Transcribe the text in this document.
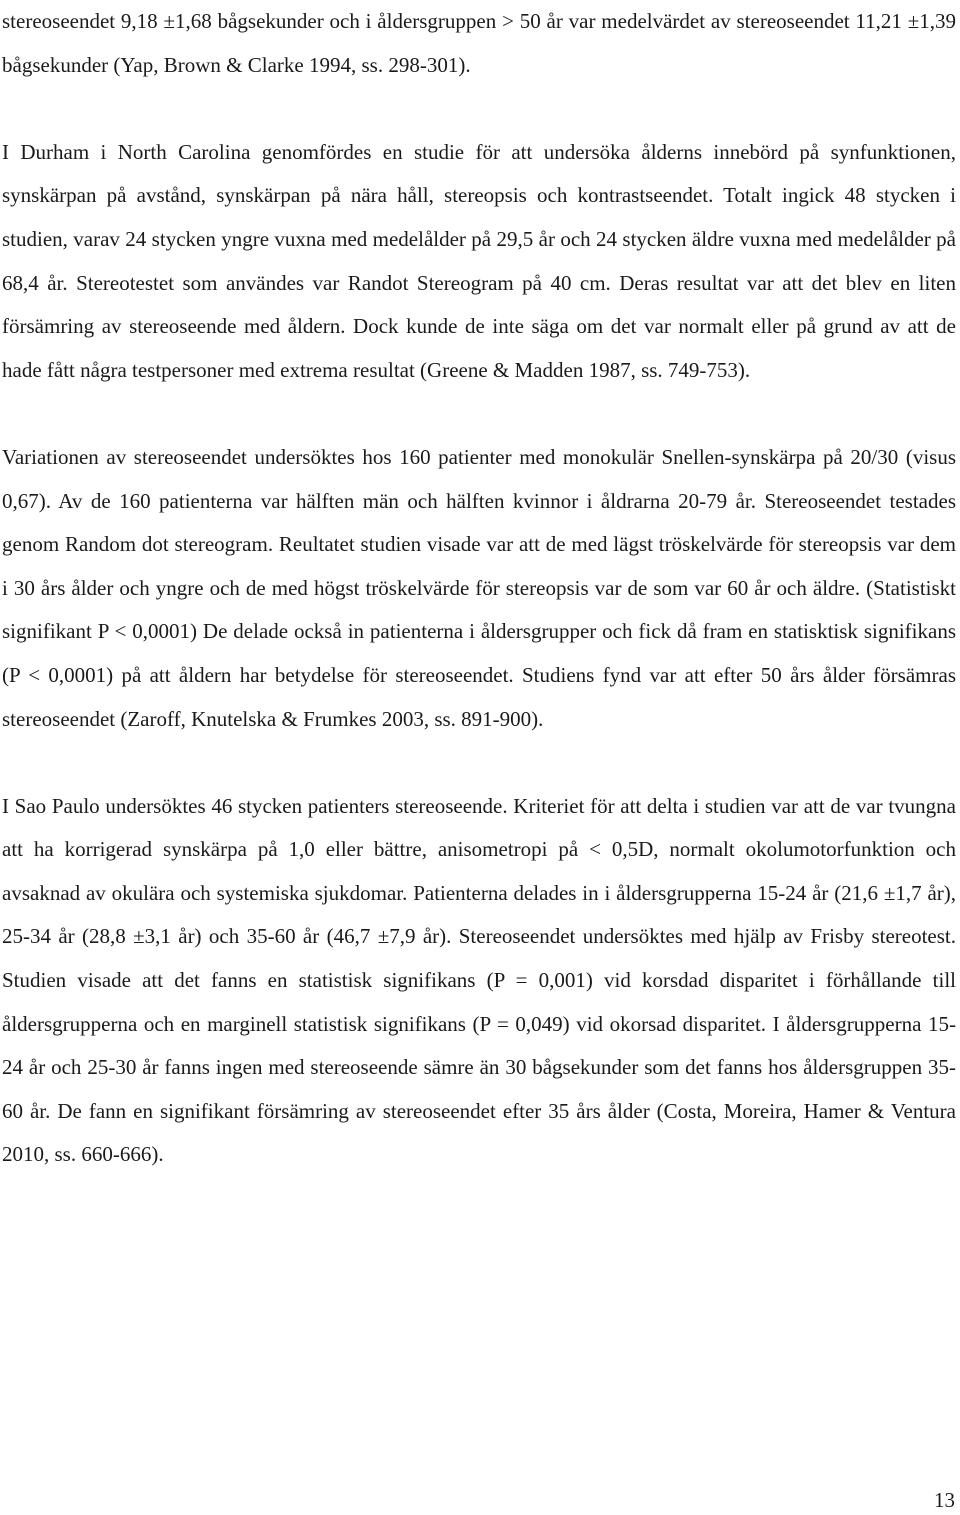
stereoseendet 9,18 ±1,68 bågsekunder och i åldersgruppen > 50 år var medelvärdet av stereoseendet 11,21 ±1,39 bågsekunder (Yap, Brown & Clarke 1994, ss. 298-301).

I Durham i North Carolina genomfördes en studie för att undersöka ålderns innebörd på synfunktionen, synskärpan på avstånd, synskärpan på nära håll, stereopsis och kontrastseendet. Totalt ingick 48 stycken i studien, varav 24 stycken yngre vuxna med medelålder på 29,5 år och 24 stycken äldre vuxna med medelålder på 68,4 år. Stereotestet som användes var Randot Stereogram på 40 cm. Deras resultat var att det blev en liten försämring av stereoseende med åldern. Dock kunde de inte säga om det var normalt eller på grund av att de hade fått några testpersoner med extrema resultat (Greene & Madden 1987, ss. 749-753).

Variationen av stereoseendet undersöktes hos 160 patienter med monokulär Snellen-synskärpa på 20/30 (visus 0,67). Av de 160 patienterna var hälften män och hälften kvinnor i åldrarna 20-79 år. Stereoseendet testades genom Random dot stereogram. Reultatet studien visade var att de med lägst tröskelvärde för stereopsis var dem i 30 års ålder och yngre och de med högst tröskelvärde för stereopsis var de som var 60 år och äldre. (Statistiskt signifikant P < 0,0001) De delade också in patienterna i åldersgrupper och fick då fram en statisktisk signifikans (P < 0,0001) på att åldern har betydelse för stereoseendet. Studiens fynd var att efter 50 års ålder försämras stereoseendet (Zaroff, Knutelska & Frumkes 2003, ss. 891-900).

I Sao Paulo undersöktes 46 stycken patienters stereoseende. Kriteriet för att delta i studien var att de var tvungna att ha korrigerad synskärpa på 1,0 eller bättre, anisometropi på < 0,5D, normalt okolumotorfunktion och avsaknad av okulära och systemiska sjukdomar. Patienterna delades in i åldersgrupperna 15-24 år (21,6 ±1,7 år), 25-34 år (28,8 ±3,1 år) och 35-60 år (46,7 ±7,9 år). Stereoseendet undersöktes med hjälp av Frisby stereotest. Studien visade att det fanns en statistisk signifikans (P = 0,001) vid korsdad disparitet i förhållande till åldersgrupperna och en marginell statistisk signifikans (P = 0,049) vid okorsad disparitet. I åldersgrupperna 15-24 år och 25-30 år fanns ingen med stereoseende sämre än 30 bågsekunder som det fanns hos åldersgruppen 35-60 år. De fann en signifikant försämring av stereoseendet efter 35 års ålder (Costa, Moreira, Hamer & Ventura 2010, ss. 660-666).

13
